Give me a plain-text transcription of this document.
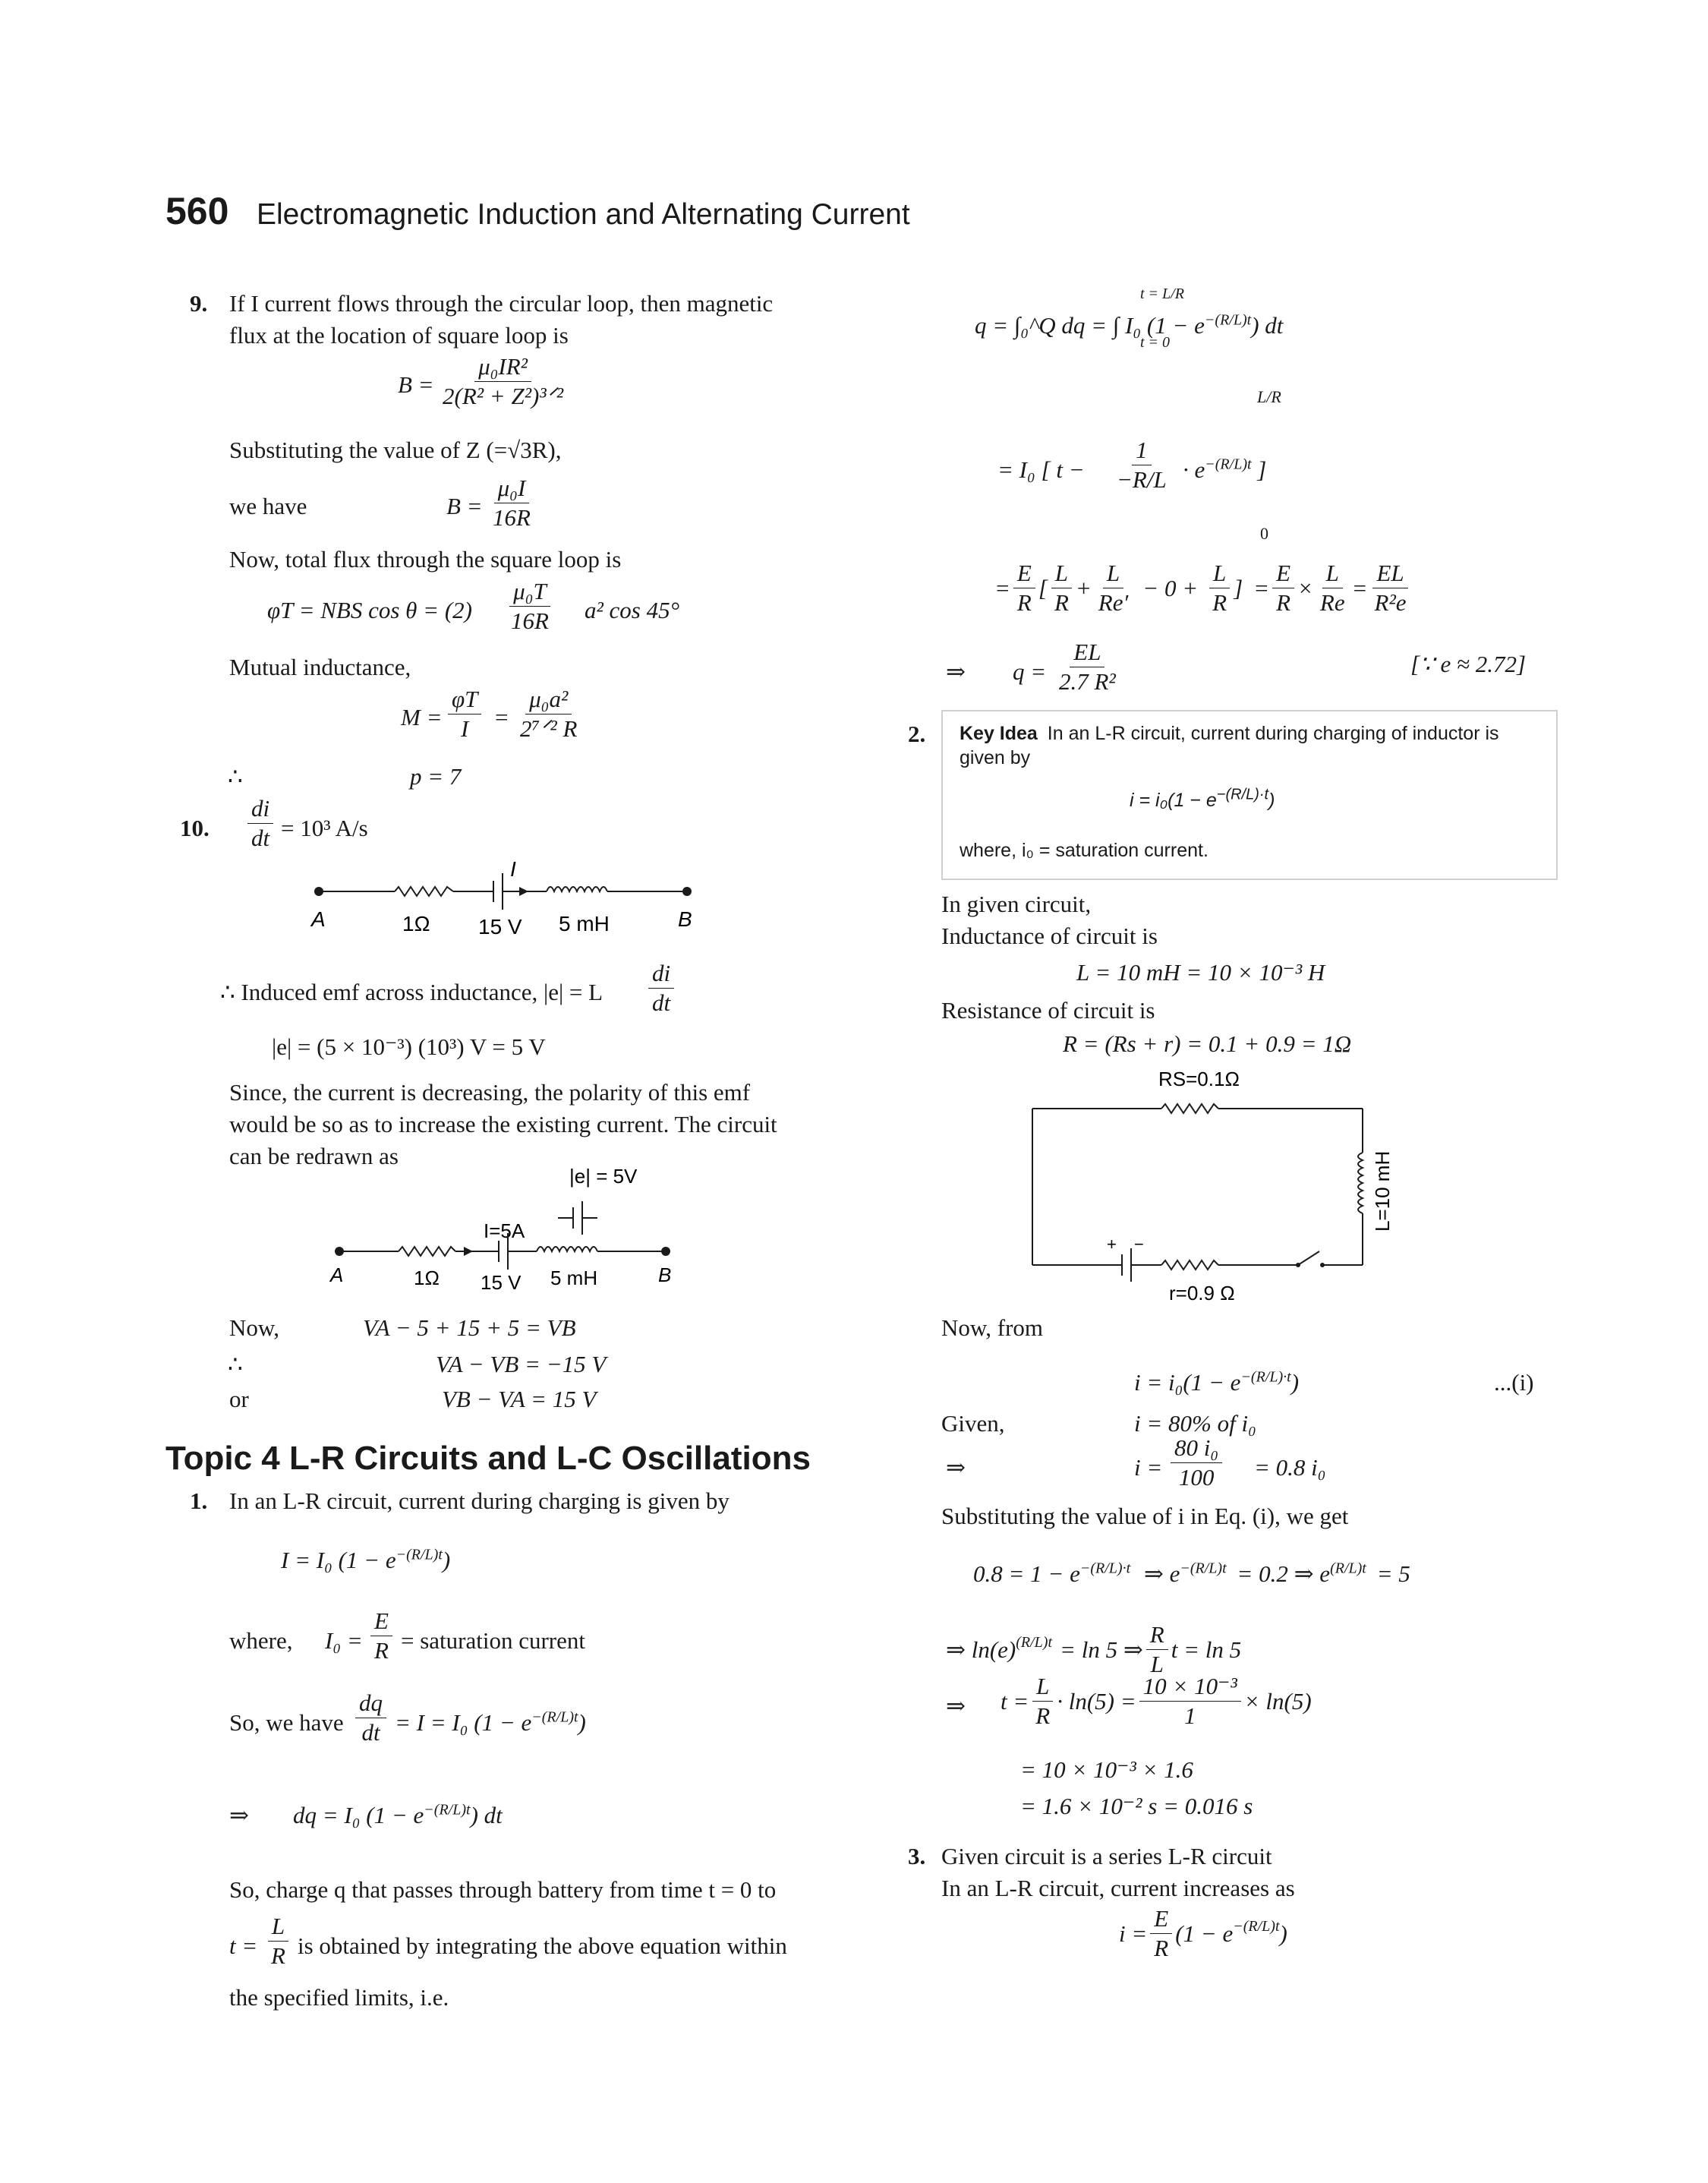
560 Electromagnetic Induction and Alternating Current
9. If I current flows through the circular loop, then magnetic
flux at the location of square loop is
$B = \frac{\text{μ₀IR²}}{\text{2(R² + Z²)³ᐟ²}}$
Substituting the value of Z (=√3R),
we have	$B = \frac{\text{μ₀I}}{16R}$
Now, total flux through the square loop is
φT = NBS $\cos \theta = (2) \frac{\text{μ₀T}}{16R} a^2$ cos 45°
Mutual inductance,
$M = \frac{\varphi T}{I} = \frac{\text{μ₀a²}}{\text{2⁷ᐟ² R}}$
∴	p = 7
10. $\frac{di}{dt} = 10^3$ A/s
A	1Ω 15 V 5 mH	B
I
∴ Induced emf across inductance, |e| = L $\frac{di}{dt}$
|e| = (5 × 10⁻³) (10³) V = 5 V
Since, the current is decreasing, the polarity of this emf
would be so as to increase the existing current. The circuit
can be redrawn as
|e| = 5V
I=5A
A	1Ω 15 V 5 mH	B
Now,	VA − 5 + 15 + 5 = VB
∴	VA − VB = −15 V
or	VB − VA = 15 V
Topic 4 L-R Circuits and L-C Oscillations
1. In an L-R circuit, current during charging is given by
I = I₀ $(1 - e^{-(R/L)t})$
where, $I_0 = \frac{E}{R}$ = saturation current
So, we have $\frac{dq}{dt} = I = I_0$ $(1 - e^{-(R/L)t})$
⇒ dq = I₀ $(1 - e^{-(R/L)t})$ dt
So, charge q that passes through battery from time t = 0 to
$t = \frac{L}{R}$ is obtained by integrating the above equation within
the specified limits, i.e.
t = L/R
q = ∫₀^Q dq = ∫ I₀ $(1 - e^{-(R/L)t})$ dt
t = 0
L/R
= I₀ [ $t - \frac{1}{-R/L} \cdot e^{-(R/L)t}$ ]
0
= $\frac{E}{R}$ [ $\frac{L}{R} + \frac{L}{Re'} - 0 + \frac{L}{R}$ ] = $\frac{E}{R} \times \frac{L}{Re} = \frac{EL}{\text{R²e}}$
⇒ $q = \frac{EL}{\text{2.7 R²}}$	[∵ e ≈ 2.72]
2. Key Idea In an L-R circuit, current during charging of inductor is
given by
$i = i_0(1 - e^{-(R/L)\cdot t})$
where, i₀ = saturation current.
In given circuit,
Inductance of circuit is
L = 10 mH = 10 × 10⁻³ H
Resistance of circuit is
R = (Rs + r) = 0.1 + 0.9 = 1Ω
RS=0.1Ω
L=10 mH
+ −
r=0.9 Ω
Now, from
$i = i_0(1 - e^{-(R/L)\cdot t})$	...(i)
Given,	i = 80% of i₀
⇒	$i = \frac{\text{80 i₀}}{100} = 0.8$ i₀
Substituting the value of i in Eq. (i), we get
$0.8 = 1 - e^{-(R/L)\cdot t}$ ⇒ $e^{-(R/L)t} = 0.2$ ⇒ $e^{(R/L)t} = 5$
⇒ ln(e) (R/L)t = ln 5 ⇒ $\frac{R}{L}$ t = ln 5
⇒ $t = \frac{L}{R} \cdot \ln(5) = \frac{\text{10 × 10⁻³}}{1} \times \ln(5)$
= 10 × 10⁻³ × 1.6
= 1.6 × 10⁻² s = 0.016 s
3. Given circuit is a series L-R circuit
In an L-R circuit, current increases as
$i = \frac{E}{R} (1 - e -(R/L)t$ )
